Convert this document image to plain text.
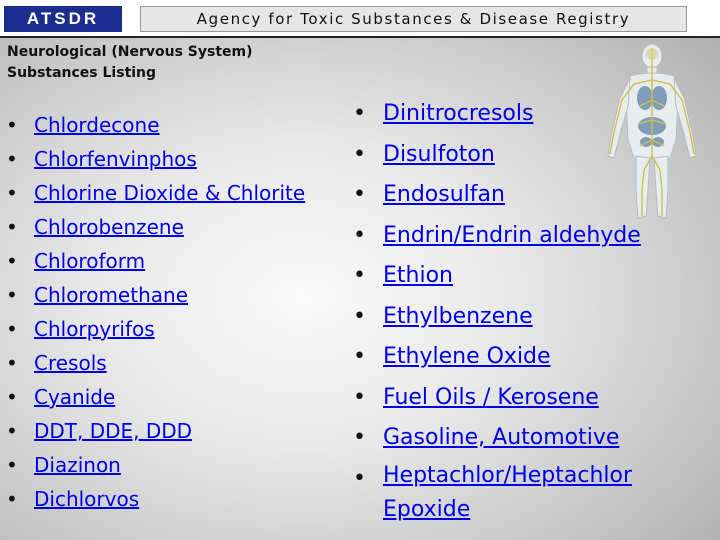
ATSDR	Agency for Toxic Substances & Disease Registry
Neurological (Nervous System)
Substances Listing
• Chlordecone
• Chlorfenvinphos
• Chlorine Dioxide & Chlorite
• Chlorobenzene
• Chloroform
• Chloromethane
• Chlorpyrifos
• Cresols
• Cyanide
• DDT, DDE, DDD
• Diazinon
• Dichlorvos
• Dinitrocresols
• Disulfoton
• Endosulfan
• Endrin/Endrin aldehyde
• Ethion
• Ethylbenzene
• Ethylene Oxide
• Fuel Oils / Kerosene
• Gasoline, Automotive
• Heptachlor/Heptachlor Epoxide
